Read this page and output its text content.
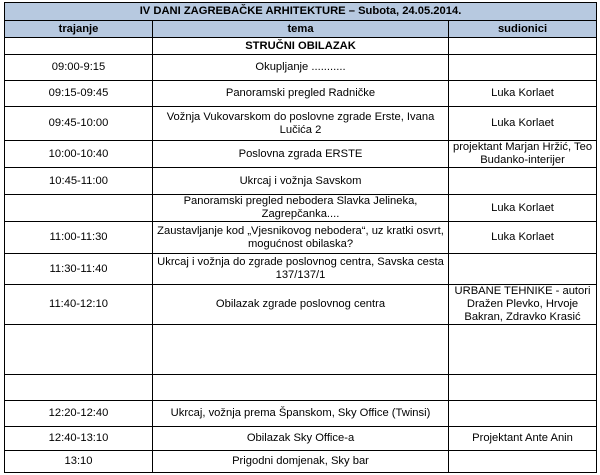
IV DANI ZAGREBAČKE ARHITEKTURE – Subota, 24.05.2014.		
trajanje	tema	sudionici
	STRUČNI OBILAZAK	
09:00-9:15	Okupljanje ...........	
09:15-09:45	Panoramski pregled Radničke	Luka Korlaet
09:45-10:00	Vožnja Vukovarskom do poslovne zgrade Erste, Ivana Lučića 2	Luka Korlaet
10:00-10:40	Poslovna zgrada ERSTE	projektant Marjan Hržić, Teo Budanko-interijer
10:45-11:00	Ukrcaj i vožnja Savskom	
	Panoramski pregled nebodera Slavka Jelineka, Zagrepčanka....	Luka Korlaet
11:00-11:30	Zaustavljanje kod „Vjesnikovog nebodera“, uz kratki osvrt, mogućnost obilaska?	Luka Korlaet
11:30-11:40	Ukrcaj i vožnja do zgrade poslovnog centra, Savska cesta 137/137/1	
11:40-12:10	Obilazak zgrade poslovnog centra	URBANE TEHNIKE - autori Dražen Plevko, Hrvoje Bakran, Zdravko Krasić

12:20-12:40	Ukrcaj, vožnja prema Španskom, Sky Office (Twinsi)	
12:40-13:10	Obilazak Sky Office-a	Projektant Ante Anin
13:10	Prigodni domjenak, Sky bar	
